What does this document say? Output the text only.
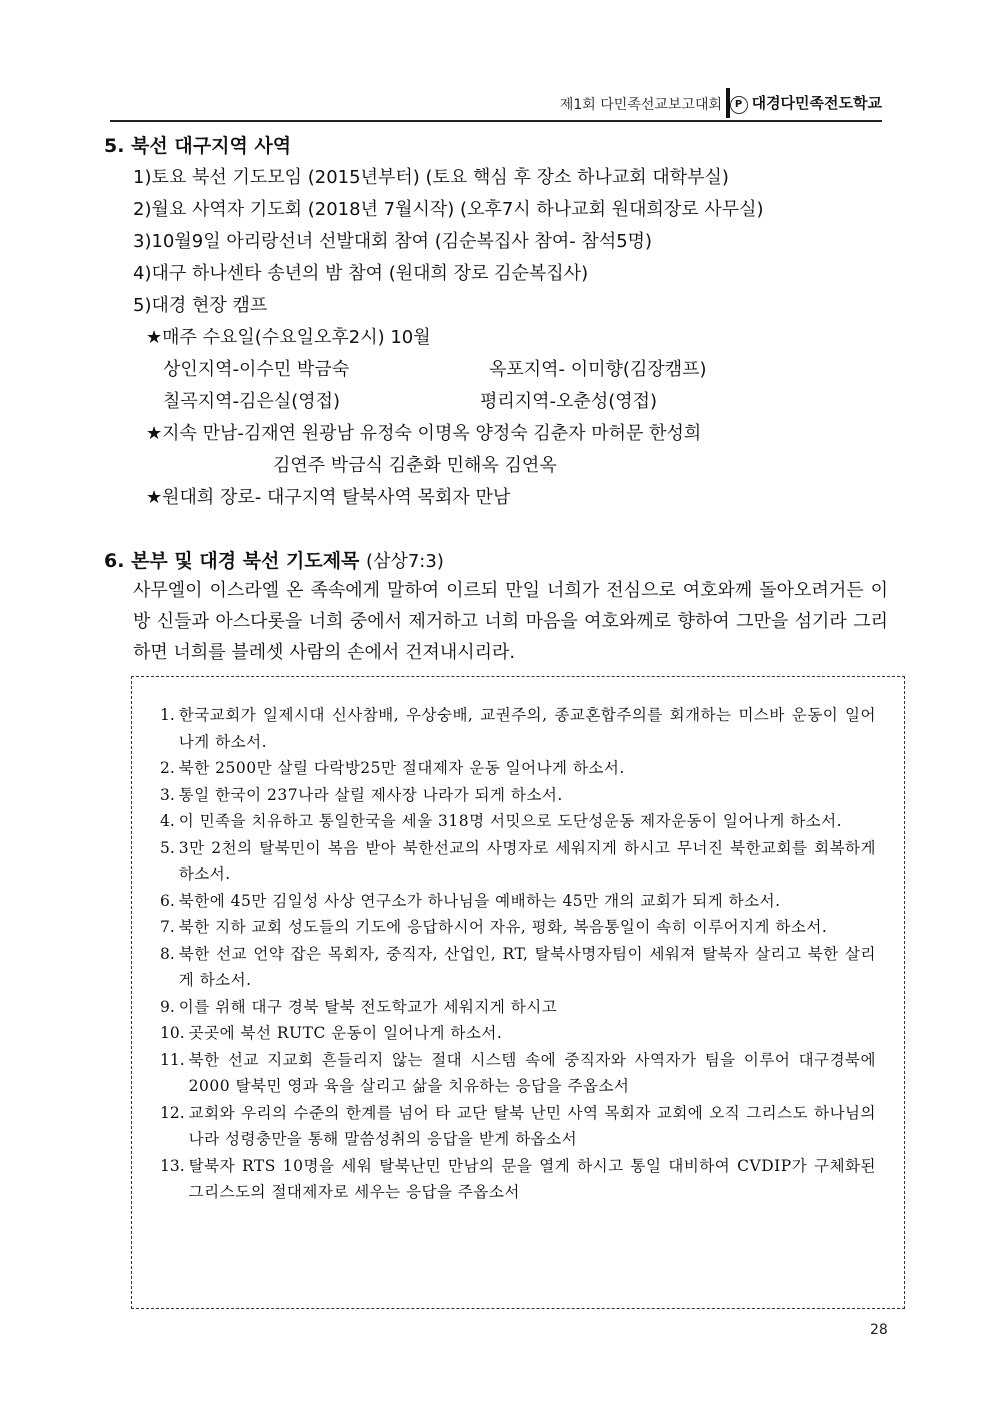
제1회 다민족선교보고대회	P 대경다민족전도학교
5. 북선 대구지역 사역
1)토요 북선 기도모임 (2015년부터) (토요 핵심 후 장소 하나교회 대학부실)
2)월요 사역자 기도회 (2018년 7월시작) (오후7시 하나교회 원대희장로 사무실)
3)10월9일 아리랑선녀 선발대회 참여 (김순복집사 참여- 참석5명)
4)대구 하나센타 송년의 밤 참여 (원대희 장로 김순복집사)
5)대경 현장 캠프
★매주 수요일(수요일오후2시) 10월
상인지역-이수민 박금숙	옥포지역- 이미향(김장캠프)
칠곡지역-김은실(영접)	평리지역-오춘성(영접)
★지속 만남-김재연 원광남 유정숙 이명옥 양정숙 김춘자 마허문 한성희
김연주 박금식 김춘화 민해옥 김연옥
★원대희 장로- 대구지역 탈북사역 목회자 만남
6. 본부 및 대경 북선 기도제목 (삼상7:3)
사무엘이 이스라엘 온 족속에게 말하여 이르되 만일 너희가 전심으로 여호와께 돌아오려거든 이방 신들과 아스다롯을 너희 중에서 제거하고 너희 마음을 여호와께로 향하여 그만을 섬기라 그리하면 너희를 블레셋 사람의 손에서 건져내시리라.
1. 한국교회가 일제시대 신사참배, 우상숭배, 교권주의, 종교혼합주의를 회개하는 미스바 운동이 일어나게 하소서.
2. 북한 2500만 살릴 다락방25만 절대제자 운동 일어나게 하소서.
3. 통일 한국이 237나라 살릴 제사장 나라가 되게 하소서.
4. 이 민족을 치유하고 통일한국을 세울 318명 서밋으로 도단성운동 제자운동이 일어나게 하소서.
5. 3만 2천의 탈북민이 복음 받아 북한선교의 사명자로 세워지게 하시고 무너진 북한교회를 회복하게 하소서.
6. 북한에 45만 김일성 사상 연구소가 하나님을 예배하는 45만 개의 교회가 되게 하소서.
7. 북한 지하 교회 성도들의 기도에 응답하시어 자유, 평화, 복음통일이 속히 이루어지게 하소서.
8. 북한 선교 언약 잡은 목회자, 중직자, 산업인, RT, 탈북사명자팀이 세워져 탈북자 살리고 북한 살리게 하소서.
9. 이를 위해 대구 경북 탈북 전도학교가 세워지게 하시고
10. 곳곳에 북선 RUTC 운동이 일어나게 하소서.
11. 북한 선교 지교회 흔들리지 않는 절대 시스템 속에 중직자와 사역자가 팀을 이루어 대구경북에 2000 탈북민 영과 육을 살리고 삶을 치유하는 응답을 주옵소서
12. 교회와 우리의 수준의 한계를 넘어 타 교단 탈북 난민 사역 목회자 교회에 오직 그리스도 하나님의 나라 성령충만을 통해 말씀성취의 응답을 받게 하옵소서
13. 탈북자 RTS 10명을 세워 탈북난민 만남의 문을 열게 하시고 통일 대비하여 CVDIP가 구체화된 그리스도의 절대제자로 세우는 응답을 주옵소서
28
